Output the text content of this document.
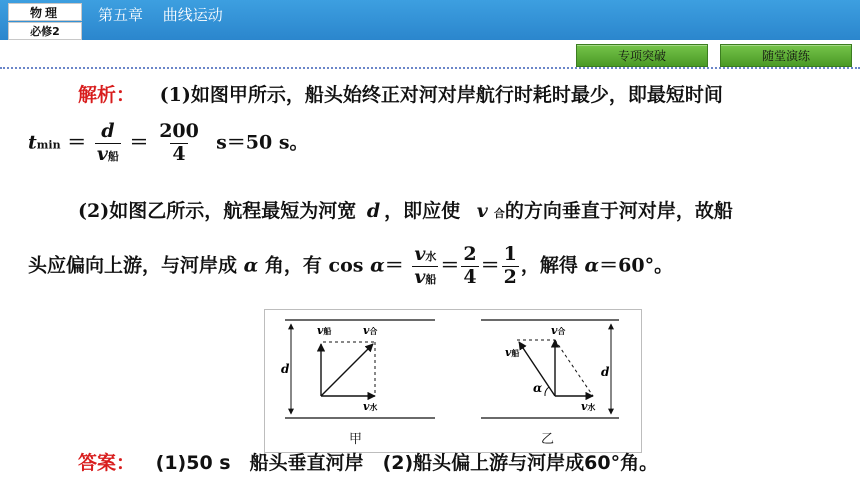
物理
必修2
第五章　 曲线运动
专项突破	随堂演练
解析： (1)如图甲所示，船头始终正对河对岸航行时耗时最少，即最短时间
$tmin = \frac{d}{\text{v船}} = \frac{200}{4} s=50$ s。
(2)如图乙所示，航程最短为河宽 d ，即应使 v 合的方向垂直于河对岸，故船
头应偏向上游，与河岸成 α 角，有 $\cos \alpha= \frac{\text{v水}}{\text{v船}} = \frac{2}{4} = \frac{1}{2}$ ，解得 α＝60°。
d
v船	v合
v水
α
v船
v合
v水
d
甲	乙
答案： (1)50 s　船头垂直河岸　(2)船头偏上游与河岸成60°角。
